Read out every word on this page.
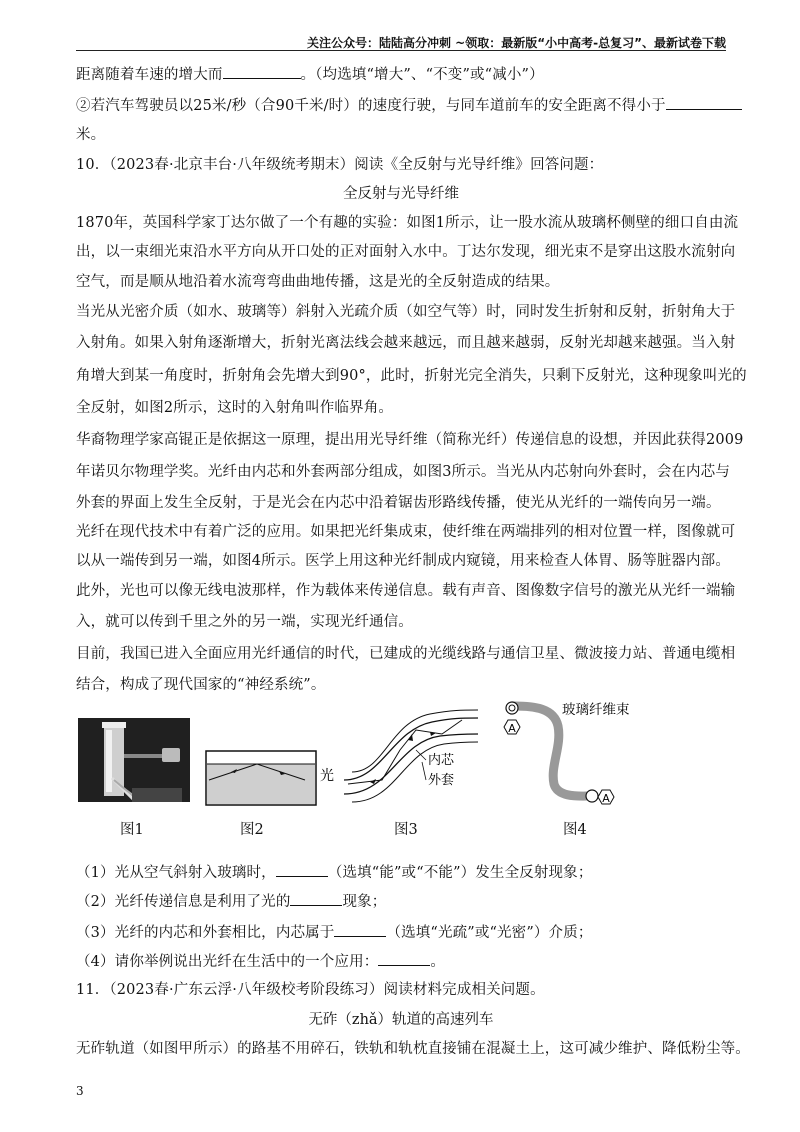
关注公众号：陆陆高分冲刺 ~领取：最新版“小中高考-总复习”、最新试卷下载
距离随着车速的增大而	。（均选填“增大”、“不变”或“减小”）
②若汽车驾驶员以25米/秒（合90千米/时）的速度行驶，与同车道前车的安全距离不得小于
米。
10．（2023春·北京丰台·八年级统考期末）阅读《全反射与光导纤维》回答问题：
全反射与光导纤维
1870年，英国科学家丁达尔做了一个有趣的实验：如图1所示，让一股水流从玻璃杯侧壁的细口自由流
出，以一束细光束沿水平方向从开口处的正对面射入水中。丁达尔发现，细光束不是穿出这股水流射向
空气，而是顺从地沿着水流弯弯曲曲地传播，这是光的全反射造成的结果。
当光从光密介质（如水、玻璃等）斜射入光疏介质（如空气等）时，同时发生折射和反射，折射角大于
入射角。如果入射角逐渐增大，折射光离法线会越来越远，而且越来越弱，反射光却越来越强。当入射
角增大到某一角度时，折射角会先增大到90°，此时，折射光完全消失，只剩下反射光，这种现象叫光的
全反射，如图2所示，这时的入射角叫作临界角。
华裔物理学家高锟正是依据这一原理，提出用光导纤维（简称光纤）传递信息的设想，并因此获得2009
年诺贝尔物理学奖。光纤由内芯和外套两部分组成，如图3所示。当光从内芯射向外套时，会在内芯与
外套的界面上发生全反射，于是光会在内芯中沿着锯齿形路线传播，使光从光纤的一端传向另一端。
光纤在现代技术中有着广泛的应用。如果把光纤集成束，使纤维在两端排列的相对位置一样，图像就可
以从一端传到另一端，如图4所示。医学上用这种光纤制成内窥镜，用来检查人体胃、肠等脏器内部。
此外，光也可以像无线电波那样，作为载体来传递信息。载有声音、图像数字信号的激光从光纤一端输
入，就可以传到千里之外的另一端，实现光纤通信。
目前，我国已进入全面应用光纤通信的时代，已建成的光缆线路与通信卫星、微波接力站、普通电缆相
结合，构成了现代国家的“神经系统”。
光
内芯
外套
A
A
玻璃纤维束
图1	图2	图3	图4
（1）光从空气斜射入玻璃时，	（选填“能”或“不能”）发生全反射现象；
（2）光纤传递信息是利用了光的	现象；
（3）光纤的内芯和外套相比，内芯属于	（选填“光疏”或“光密”）介质；
（4）请你举例说出光纤在生活中的一个应用：	。
11．（2023春·广东云浮·八年级校考阶段练习）阅读材料完成相关问题。
无砟（zhǎ）轨道的高速列车
无砟轨道（如图甲所示）的路基不用碎石，铁轨和轨枕直接铺在混凝土上，这可减少维护、降低粉尘等。
3
